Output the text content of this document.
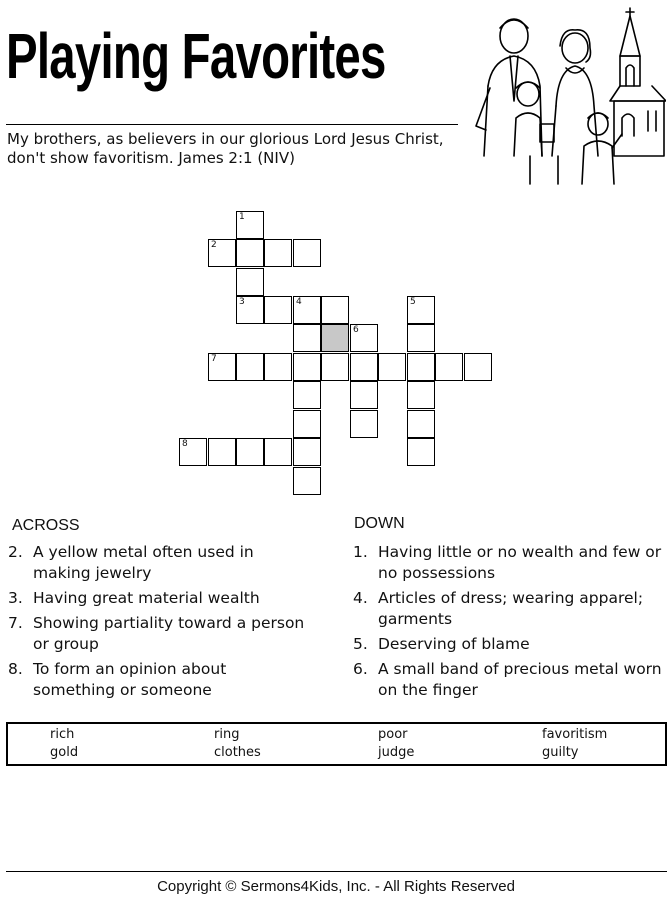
Playing Favorites
My brothers, as believers in our glorious Lord Jesus Christ, don't show favoritism. James 2:1 (NIV)
1
2
3	4	5
6
7
8
ACROSS
2. A yellow metal often used in making jewelry
3. Having great material wealth
7. Showing partiality toward a person or group
8. To form an opinion about something or someone
DOWN
1. Having little or no wealth and few or no possessions
4. Articles of dress; wearing apparel; garments
5. Deserving of blame
6. A small band of precious metal worn on the finger
rich	ring	poor	favoritism
gold	clothes	judge	guilty
Copyright © Sermons4Kids, Inc. - All Rights Reserved
